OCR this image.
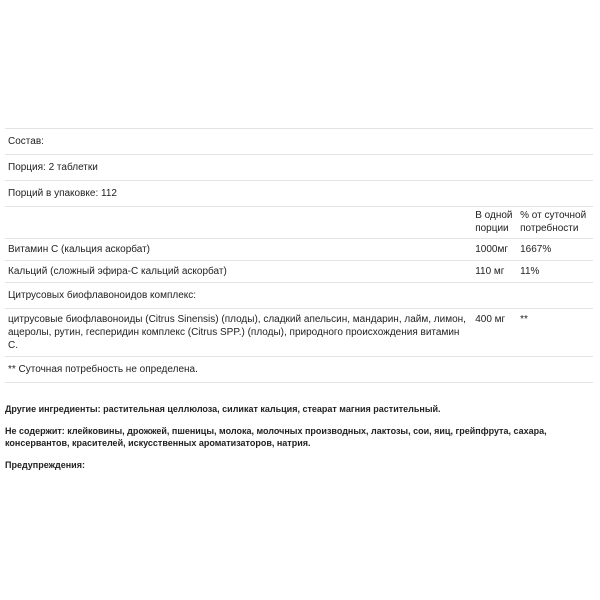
Состав:		
Порция: 2 таблетки		
Порций в упаковке: 112		
	В одной порции	% от суточной потребности
Витамин С (кальция аскорбат)	1000мг	1667%
Кальций (сложный эфира-С кальций аскорбат)	110 мг	11%
Цитрусовых биофлавоноидов комплекс:		
цитрусовые биофлавоноиды (Citrus Sinensis) (плоды), сладкий апельсин, мандарин, лайм, лимон, ацеролы, рутин, гесперидин комплекс (Citrus SPP.) (плоды), природного происхождения витамин С.	400 мг	**
** Суточная потребность не определена.		
Другие ингредиенты: растительная целлюлоза, силикат кальция, стеарат магния растительный.
Не содержит: клейковины, дрожжей, пшеницы, молока, молочных производных, лактозы, сои, яиц, грейпфрута, сахара, консервантов, красителей, искусственных ароматизаторов, натрия.
Предупреждения:
